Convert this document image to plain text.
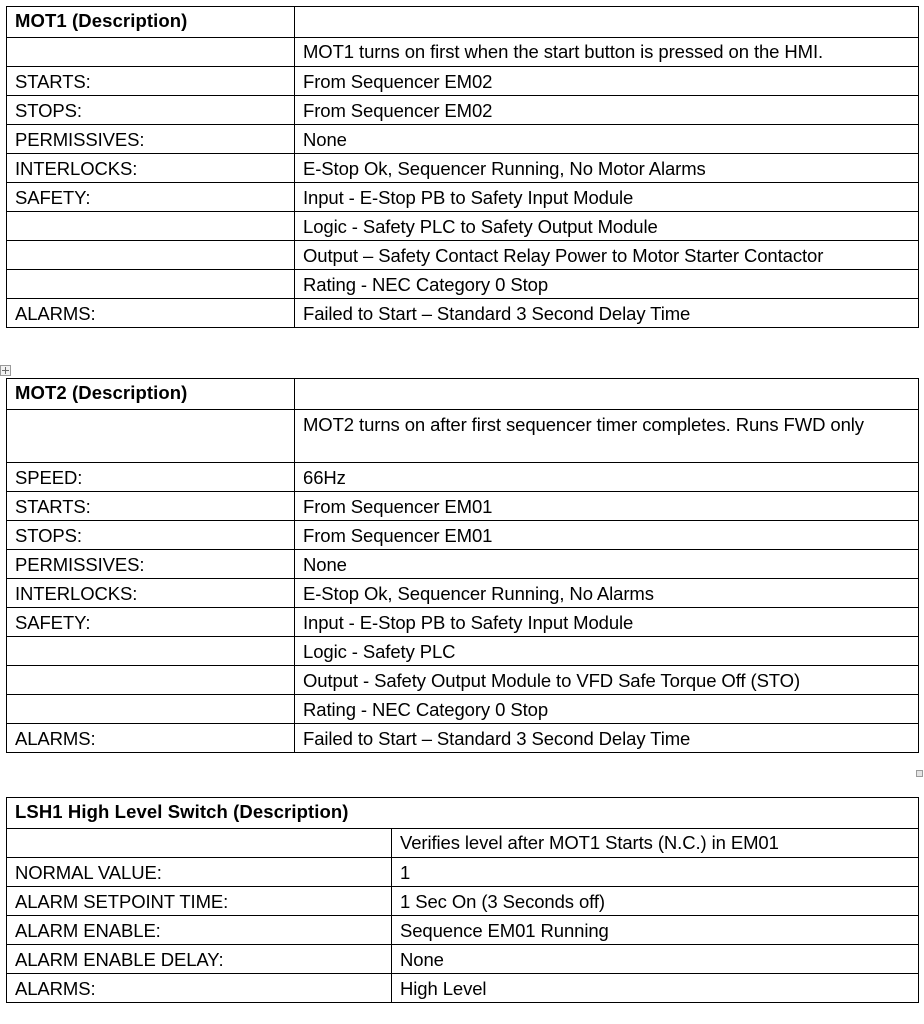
MOT1 (Description)	
	MOT1 turns on first when the start button is pressed on the HMI.
STARTS:	From Sequencer EM02
STOPS:	From Sequencer EM02
PERMISSIVES:	None
INTERLOCKS:	E-Stop Ok, Sequencer Running, No Motor Alarms
SAFETY:	Input - E-Stop PB to Safety Input Module
	Logic - Safety PLC to Safety Output Module
	Output – Safety Contact Relay Power to Motor Starter Contactor
	Rating - NEC Category 0 Stop
ALARMS:	Failed to Start – Standard 3 Second Delay Time
MOT2 (Description)	
	MOT2 turns on after first sequencer timer completes. Runs FWD only
SPEED:	66Hz
STARTS:	From Sequencer EM01
STOPS:	From Sequencer EM01
PERMISSIVES:	None
INTERLOCKS:	E-Stop Ok, Sequencer Running, No Alarms
SAFETY:	Input - E-Stop PB to Safety Input Module
	Logic - Safety PLC
	Output - Safety Output Module to VFD Safe Torque Off (STO)
	Rating - NEC Category 0 Stop
ALARMS:	Failed to Start – Standard 3 Second Delay Time
LSH1 High Level Switch (Description)	
	Verifies level after MOT1 Starts (N.C.) in EM01
NORMAL VALUE:	1
ALARM SETPOINT TIME:	1 Sec On (3 Seconds off)
ALARM ENABLE:	Sequence EM01 Running
ALARM ENABLE DELAY:	None
ALARMS:	High Level
